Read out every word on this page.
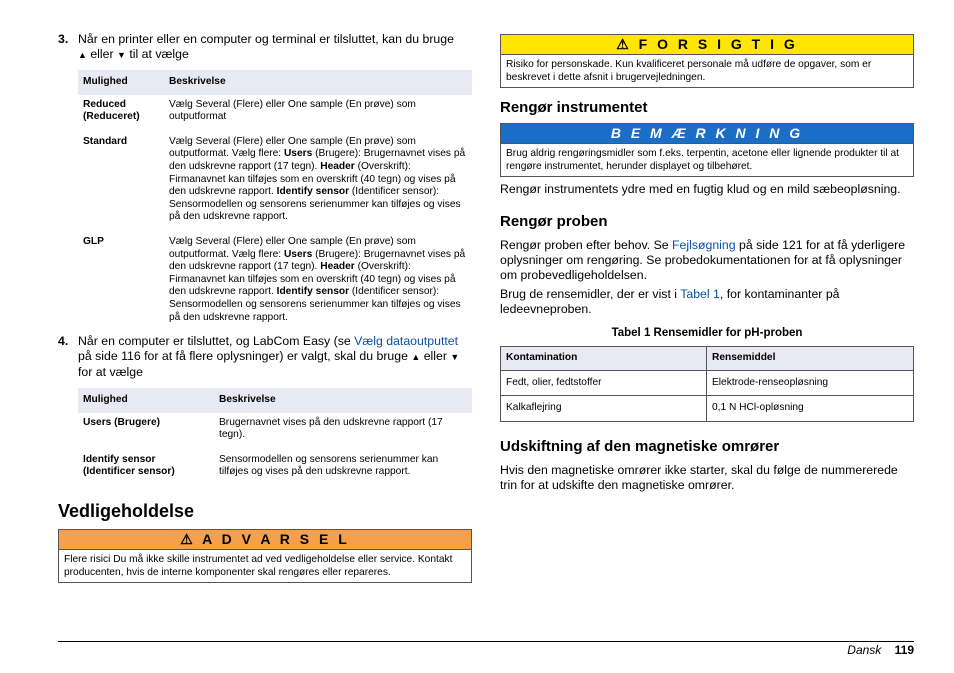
3. Når en printer eller en computer og terminal er tilsluttet, kan du bruge
▲ eller ▼ til at vælge
Mulighed	Beskrivelse
Reduced (Reduceret)	Vælg Several (Flere) eller One sample (En prøve) som outputformat
Standard	Vælg Several (Flere) eller One sample (En prøve) som outputformat. Vælg flere: Users (Brugere): Brugernavnet vises på den udskrevne rapport (17 tegn). Header (Overskrift): Firmanavnet kan tilføjes som en overskrift (40 tegn) og vises på den udskrevne rapport. Identify sensor (Identificer sensor): Sensormodellen og sensorens serienummer kan tilføjes og vises på den udskrevne rapport.
GLP	Vælg Several (Flere) eller One sample (En prøve) som outputformat. Vælg flere: Users (Brugere): Brugernavnet vises på den udskrevne rapport (17 tegn). Header (Overskrift): Firmanavnet kan tilføjes som en overskrift (40 tegn) og vises på den udskrevne rapport. Identify sensor (Identificer sensor): Sensormodellen og sensorens serienummer kan tilføjes og vises på den udskrevne rapport.
4. Når en computer er tilsluttet, og LabCom Easy (se Vælg dataoutputtet på side 116 for at få flere oplysninger) er valgt, skal du bruge ▲ eller ▼ for at vælge
Mulighed	Beskrivelse
Users (Brugere)	Brugernavnet vises på den udskrevne rapport (17 tegn).
Identify sensor (Identificer sensor)	Sensormodellen og sensorens serienummer kan tilføjes og vises på den udskrevne rapport.
Vedligeholdelse
⚠ A D V A R S E L
Flere risici Du må ikke skille instrumentet ad ved vedligeholdelse eller service. Kontakt producenten, hvis de interne komponenter skal rengøres eller repareres.
⚠ F O R S I G T I G
Risiko for personskade. Kun kvalificeret personale må udføre de opgaver, som er beskrevet i dette afsnit i brugervejledningen.
Rengør instrumentet
B E M Æ R K N I N G
Brug aldrig rengøringsmidler som f.eks. terpentin, acetone eller lignende produkter til at rengøre instrumentet, herunder displayet og tilbehøret.

Rengør instrumentets ydre med en fugtig klud og en mild sæbeopløsning.

Rengør proben

Rengør proben efter behov. Se Fejlsøgning på side 121 for at få yderligere oplysninger om rengøring. Se probedokumentationen for at få oplysninger om probevedligeholdelsen.

Brug de rensemidler, der er vist i Tabel 1, for kontaminanter på ledeevneproben.

Tabel 1 Rensemidler for pH-proben
Kontamination	Rensemiddel
Fedt, olier, fedtstoffer	Elektrode-renseopløsning
Kalkaflejring	0,1 N HCl-opløsning
Udskiftning af den magnetiske omrører

Hvis den magnetiske omrører ikke starter, skal du følge de nummererede trin for at udskifte den magnetiske omrører.

Dansk 119
